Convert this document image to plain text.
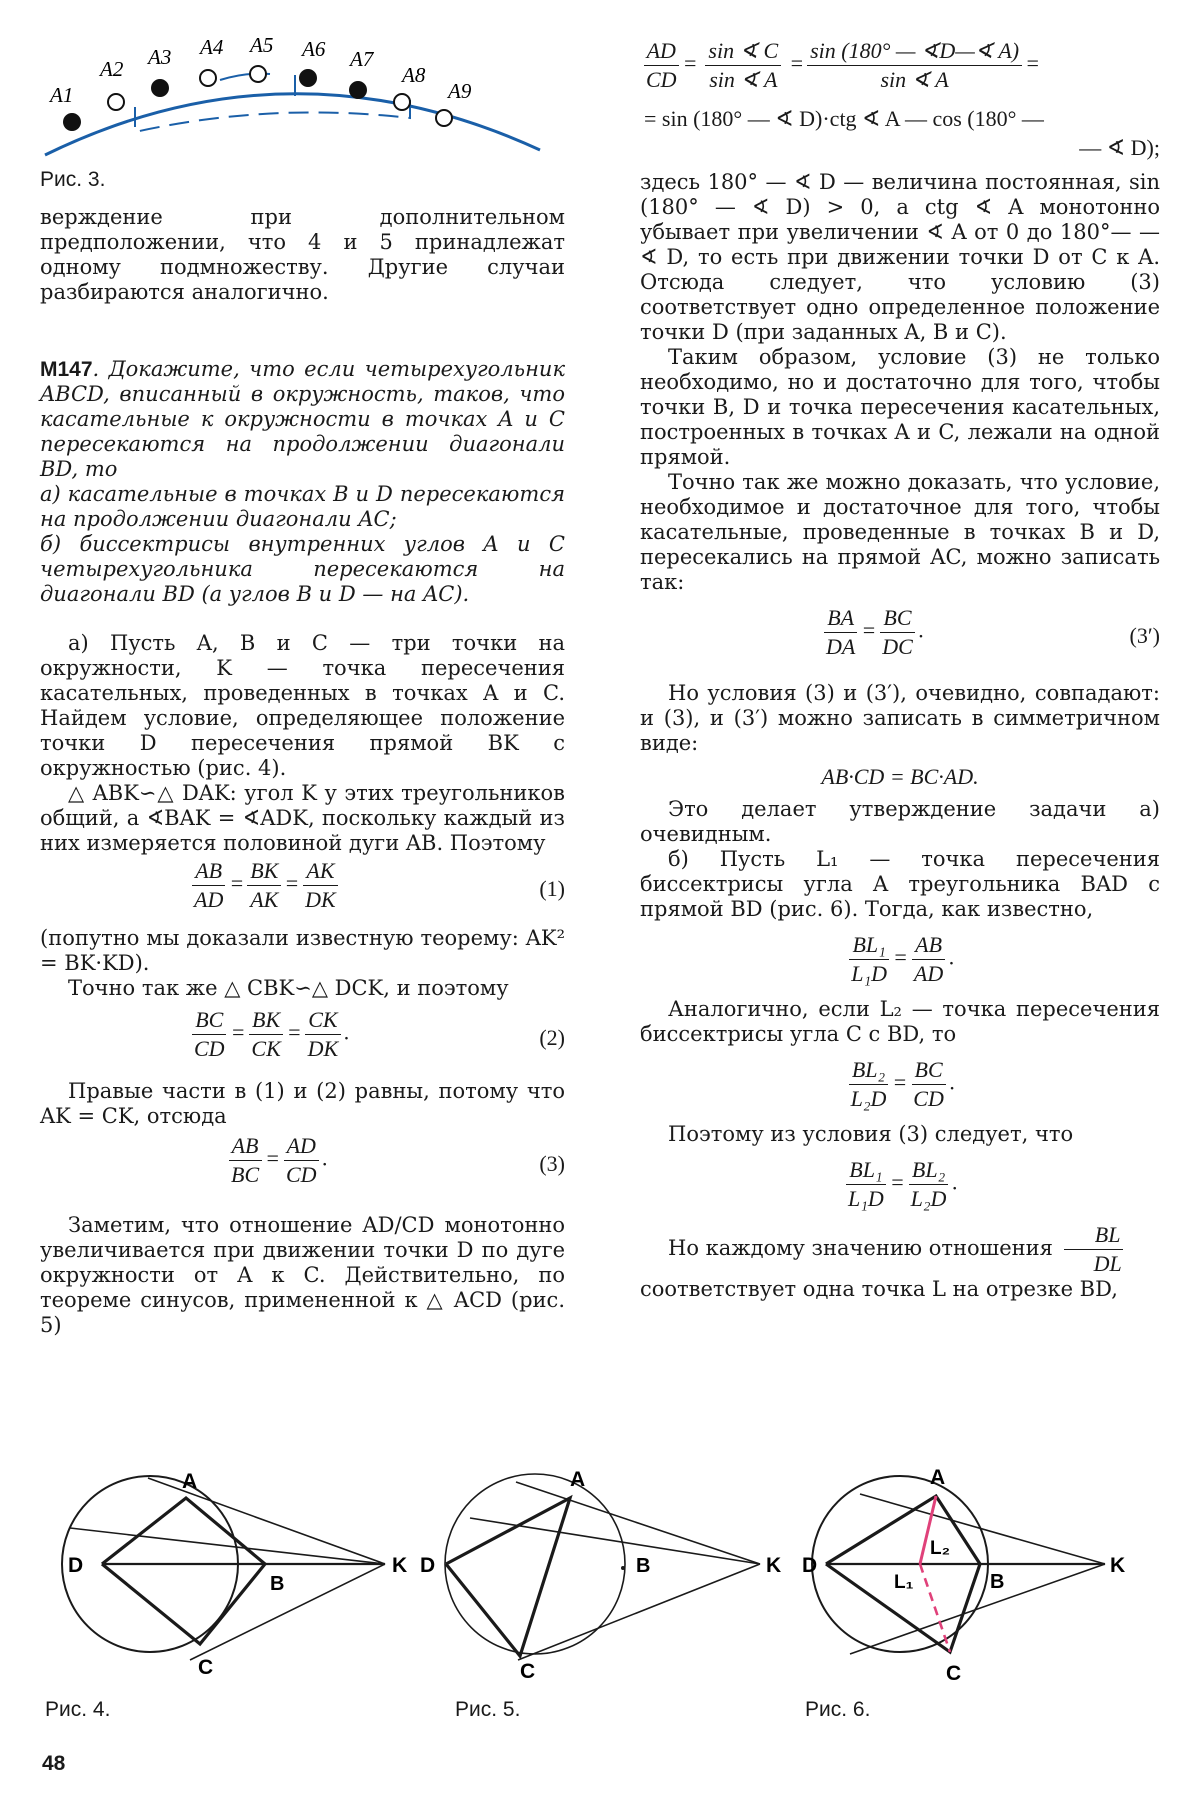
A1
A2 A3 A4 A5 A6 A7
A8
A9
Рис. 3.

верждение при дополнительном предположении, что 4 и 5 принадлежат одному подмножеству. Другие случаи разбираются аналогично.

М147. Докажите, что если четырехугольник ABCD, вписанный в окружность, таков, что касательные к окружности в точках A и C пересекаются на продолжении диагонали BD, то

а) касательные в точках B и D пересекаются на продолжении диагонали AC;

б) биссектрисы внутренних углов A и C четырехугольника пересекаются на диагонали BD (а углов B и D — на AC).

а) Пусть A, B и C — три точки на окружности, K — точка пересечения касательных, проведенных в точках A и C. Найдем условие, определяющее положение точки D пересечения прямой BK с окружностью (рис. 4).

△ ABK∽△ DAK: угол K у этих треугольников общий, а ∢BAK = ∢ADK, поскольку каждый из них измеряется половиной дуги AB. Поэтому

$\frac{AB}{AD} = \frac{BK}{AK} = \frac{AK}{DK}$	(1)

(попутно мы доказали известную теорему: AK² = BK·KD).

Точно так же △ CBK∽△ DCK, и поэтому

$\frac{BC}{CD} = \frac{BK}{CK} = \frac{CK}{DK}$ .	(2)

Правые части в (1) и (2) равны, потому что AK = CK, отсюда

$\frac{AB}{BC} = \frac{AD}{CD}$ .	(3)

Заметим, что отношение AD/CD монотонно увеличивается при движении точки D по дуге окружности от A к C. Действительно, по теореме синусов, примененной к △ ACD (рис. 5)

$\frac{AD}{CD} = \frac{\sin ∢ C}{\sin ∢ A} = \frac{\sin (180^\circ — ∢D—∢ A)}{\sin ∢ A}$ =
= sin (180° — ∢ D)·ctg ∢ A — cos (180° —
— ∢ D);

здесь 180° — ∢ D — величина постоянная, sin (180° — ∢ D) > 0, а ctg ∢ A монотонно убывает при увеличении ∢ A от 0 до 180°— — ∢ D, то есть при движении точки D от C к A. Отсюда следует, что условию (3) соответствует одно определенное положение точки D (при заданных A, B и C).

Таким образом, условие (3) не только необходимо, но и достаточно для того, чтобы точки B, D и точка пересечения касательных, построенных в точках A и C, лежали на одной прямой.

Точно так же можно доказать, что условие, необходимое и достаточное для того, чтобы касательные, проведенные в точках B и D, пересекались на прямой AC, можно записать так:

$\frac{BA}{DA} = \frac{BC}{DC}$ .	(3′)

Но условия (3) и (3′), очевидно, совпадают: и (3), и (3′) можно записать в симметричном виде:

AB·CD = BC·AD.

Это делает утверждение задачи а) очевидным.

б) Пусть L₁ — точка пересечения биссектрисы угла A треугольника BAD с прямой BD (рис. 6). Тогда, как известно,

$\frac{\text{BL₁}}{\text{L₁D}} = \frac{AB}{AD}$ .

Аналогично, если L₂ — точка пересечения биссектрисы угла C с BD, то

$\frac{\text{BL₂}}{\text{L₂D}} = \frac{BC}{CD}$ .

Поэтому из условия (3) следует, что

$\frac{\text{BL₁}}{\text{L₁D}} = \frac{\text{BL₂}}{\text{L₂D}}$ .

Но каждому значению отношения $\frac{BL}{DL}$

соответствует одна точка L на отрезке BD,

A
B
C
D	K
Рис. 4.
A
B
C
D	K
Рис. 5.
A
B
C
D	K
L₁
L₂
Рис. 6.
48
